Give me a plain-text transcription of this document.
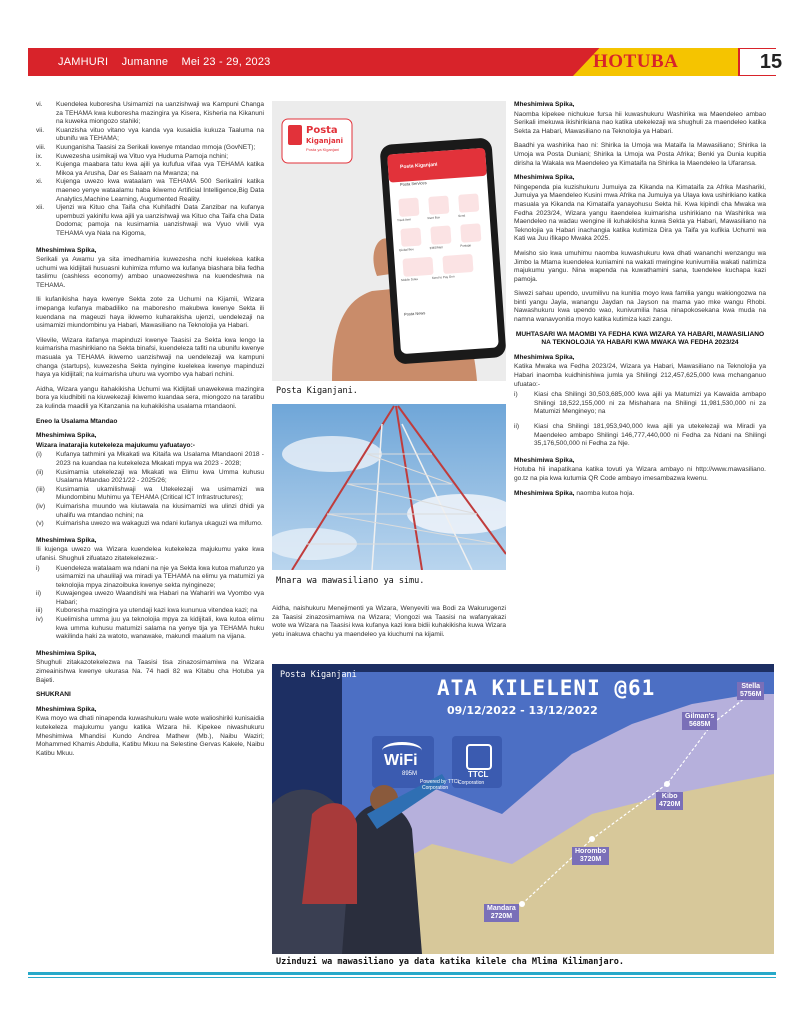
JAMHURI Jumanne Mei 23 - 29, 2023	HOTUBA	15
vi.	Kuendelea kuboresha Usimamizi na uanzishwaji wa Kampuni Changa za TEHAMA kwa kuboresha mazingira ya Kisera, Kisheria na Kikanuni na kuweka miongozo stahiki;
vii.	Kuanzisha vituo vitano vya kanda vya kusaidia kukuza Taaluma na ubunifu wa TEHAMA;
viii.	Kuunganisha Taasisi za Serikali kwenye mtandao mmoja (GovNET);
ix.	Kuwezesha usimikaji wa Vituo vya Huduma Pamoja nchini;
x.	Kujenga maabara tatu kwa ajili ya kufufua vifaa vya TEHAMA katika Mikoa ya Arusha, Dar es Salaam na Mwanza; na
xi.	Kujenga uwezo kwa wataalam wa TEHAMA 500 Serikalini katika maeneo yenye wataalamu haba ikiwemo Artificial Intelligence,Big Data Analytics,Machine Learning, Augumented Reality.
xii.	Ujenzi wa Kituo cha Taifa cha Kuhifadhi Data Zanzibar na kufanya upembuzi yakinifu kwa ajili ya uanzishwaji wa Kituo cha Taifa cha Data Dodoma; pamoja na kusimamia uanzishwaji wa Vyuo vivili vya TEHAMA vya Nala na Kigoma,
Mheshimiwa Spika,

Serikali ya Awamu ya sita imedhamiria kuwezesha nchi kuelekea katika uchumi wa kidijitali husuasni kuhimiza mfumo wa kufanya biashara bila fedha taslimu (cashless economy) ambao unaowezeshwa na kuendeshwa na TEHAMA.

Ili kufanikisha haya kwenye Sekta zote za Uchumi na Kijamii, Wizara imepanga kufanya mabadiliko na maboresho makubwa kwenye Sekta ili kuendana na mageuzi haya ikiwemo kuharakisha ujenzi, uendelezaji na usimamizi miundombinu ya Habari, Mawasiliano na Teknolojia ya Habari.

Vilevile, Wizara itafanya mapinduzi kwenye Taasisi za Sekta kwa lengo la kuimarisha mashirikiano na Sekta binafsi, kuendeleza tafiti na ubunifu kwenye masuala ya TEHAMA ikiwemo uanzishwaji na uendelezaji wa kampuni changa (startups), kuwezesha Sekta nyingine kuelekea kwenye mapinduzi haya ya kidijitali; na kuimarisha uhuru wa vyombo vya habari nchini.

Aidha, Wizara yangu itahakikisha Uchumi wa Kidijitali unawekewa mazingira bora ya kiudhibiti na kiuwekezaji ikiwemo kuandaa sera, miongozo na taratibu za kulinda maadili ya Kitanzania na kuhakikisha usalama mtandaoni.

Eneo la Usalama Mtandao
Mheshimiwa Spika,
Wizara inatarajia kutekeleza majukumu yafuatayo:-
(i)	Kufanya tathmini ya Mkakati wa Kitaifa wa Usalama Mtandaoni 2018 - 2023 na kuandaa na kutekeleza Mkakati mpya wa 2023 - 2028;
(ii)	Kusimamia utekelezaji wa Mkakati wa Elimu kwa Umma kuhusu Usalama Mtandao 2021/22 - 2025/26;
(iii)	Kusimamia ukamilishwaji wa Utekelezaji wa usimamizi wa Miundombinu Muhimu ya TEHAMA (Critical ICT Infrastructures);
(iv)	Kuimarisha muundo wa kiutawala na kiusimamizi wa ulinzi dhidi ya uhalifu wa mtandao nchini; na
(v)	Kuimarisha uwezo wa wakaguzi wa ndani kufanya ukaguzi wa mifumo.
Mheshimiwa Spika,

Ili kujenga uwezo wa Wizara kuendelea kutekeleza majukumu yake kwa ufanisi. Shughuli zifuatazo zitatekelezwa:-

i)	Kuendeleza watalaam wa ndani na nje ya Sekta kwa kutoa mafunzo ya usimamizi na uhaulilaji wa miradi ya TEHAMA na elimu ya matumizi ya teknolojia mpya zinazoibuka kwenye sekta nyingineze;
ii)	Kuwajengea uwezo Waandishi wa Habari na Wahariri wa Vyombo vya Habari;
iii)	Kuboresha mazingira ya utendaji kazi kwa kununua vitendea kazi; na
iv)	Kuelimisha umma juu ya teknolojia mpya za kidijitali, kwa kutoa elimu kwa umma kuhusu matumizi salama na yenye tija ya TEHAMA huku wakilinda haki za watoto, wanawake, makundi maalum na vijana.
Mheshimiwa Spika,

Shughuli zitakazotekelezwa na Taasisi tisa zinazosimamiwa na Wizara zimeainishwa kwenye ukurasa Na. 74 hadi 82 wa Kitabu cha Hotuba ya Bajeti.

SHUKRANI
Mheshimiwa Spika,

Kwa moyo wa dhati ninapenda kuwashukuru wale wote walioshiriki kunisaidia kutekeleza majukumu yangu katika Wizara hii. Kipekee niwashukuru Mheshimiwa Mhandisi Kundo Andrea Mathew (Mb.), Naibu Waziri; Mohammed Khamis Abdulla, Katibu Mkuu na Selestine Gervas Kakele, Naibu Katibu Mkuu.

Posta
Kiganjani
Posta ya Kiganjani
Posta Kiganjani
Posta Services
Posta News
Track Item	Rent Box	Send
Global Bee	EMS/Mail	Postage
Mobile Duka	Send to Pay Gen
Posta Kiganjani.
Mnara wa mawasiliano ya simu.

Aidha, naishukuru Menejimenti ya Wizara, Wenyeviti wa Bodi za Wakurugenzi za Taasisi zinazosimamiwa na Wizara; Viongozi wa Taasisi na wafanyakazi wote wa Wizara na Taasisi kwa kufanya kazi kwa bidii kuhakikisha kuwa Wizara yetu inakuwa chachu ya maendeleo ya kiuchumi na kijamii.

Mheshimiwa Spika,

Naomba kipekee nichukue fursa hii kuwashukuru Washirika wa Maendeleo ambao Serikali imekuwa ikishirikiana nao katika utekelezaji wa shughuli za maendeleo katika Sekta za Habari, Mawasiliano na Teknolojia ya Habari.

Baadhi ya washirika hao ni: Shirika la Umoja wa Mataifa la Mawasiliano; Shirika la Umoja wa Posta Duniani; Shirika la Umoja wa Posta Afrika; Benki ya Dunia kupitia dirisha la Wakala wa Maendeleo ya Kimataifa na Shirika la Maendeleo la Ufaransa.

Mheshimiwa Spika,

Ningependa pia kuzishukuru Jumuiya za Kikanda na Kimataifa za Afrika Mashariki, Jumuiya ya Maendeleo Kusini mwa Afrika na Jumuiya ya Ulaya kwa ushirikiano katika masuala ya Kikanda na Kimataifa yanayohusu Sekta hii. Kwa kipindi cha Mwaka wa Fedha 2023/24, Wizara yangu itaendelea kuimarisha ushirikiano na Washirika wa Maendeleo na wadau wengine ili kuhakikisha kuwa Sekta ya Habari, Mawasiliano na Teknolojia ya Habari inachangia katika kutimiza Dira ya Taifa ya kufikia Uchumi wa Kati wa Juu ifikapo Mwaka 2025.

Mwisho sio kwa umuhimu naomba kuwashukuru kwa dhati wananchi wenzangu wa Jimbo la Mtama kuendelea kuniamini na wakati mwingine kunivumilia wakati natimiza majukumu yangu. Nina wapenda na kuwathamini sana, tuendelee kuchapa kazi pamoja.

Siwezi sahau upendo, uvumilivu na kunitia moyo kwa familia yangu wakiongozwa na binti yangu Jayla, wanangu Jaydan na Jayson na mama yao mke wangu Rhobi. Nawashukuru kwa upendo wao, kunivumilia hasa ninapokosekana kwa muda na namna wanavyonitia moyo katika kutimiza kazi zangu.

MUHTASARI WA MAOMBI YA FEDHA KWA WIZARA YA HABARI, MAWASILIANO NA TEKNOLOJIA YA HABARI KWA MWAKA WA FEDHA 2023/24
Mheshimiwa Spika,

Katika Mwaka wa Fedha 2023/24, Wizara ya Habari, Mawasiliano na Teknolojia ya Habari inaomba kuidhinishiwa jumla ya Shilingi 212,457,625,000 kwa mchanganuo ufuatao:-

i)	Kiasi cha Shilingi 30,503,685,000 kwa ajili ya Matumizi ya Kawaida ambapo Shilingi 18,522,155,000 ni za Mishahara na Shilingi 11,981,530,000 ni za Matumizi Mengineyo; na
ii)	Kiasi cha Shilingi 181,953,940,000 kwa ajili ya utekelezaji wa Miradi ya Maendeleo ambapo Shilingi 146,777,440,000 ni Fedha za Ndani na Shilingi 35,176,500,000 ni Fedha za Nje.
Mheshimiwa Spika,

Hotuba hii inapatikana katika tovuti ya Wizara ambayo ni http://www.mawasiliano. go.tz na pia kwa kutumia QR Code ambayo imesambazwa kwenu.

Mheshimiwa Spika, naomba kutoa hoja.
Posta Kiganjani
ATA KILELENI @61
09/12/2022 - 13/12/2022
WiFi
895M
Powered by TTCL
Corporation
TTCL
Corporation
Stella
5756M
Gilman's
5685M
Kibo
4720M
Horombo
3720M
Mandara
2720M
Uzinduzi wa mawasiliano ya data katika kilele cha Mlima Kilimanjaro.
